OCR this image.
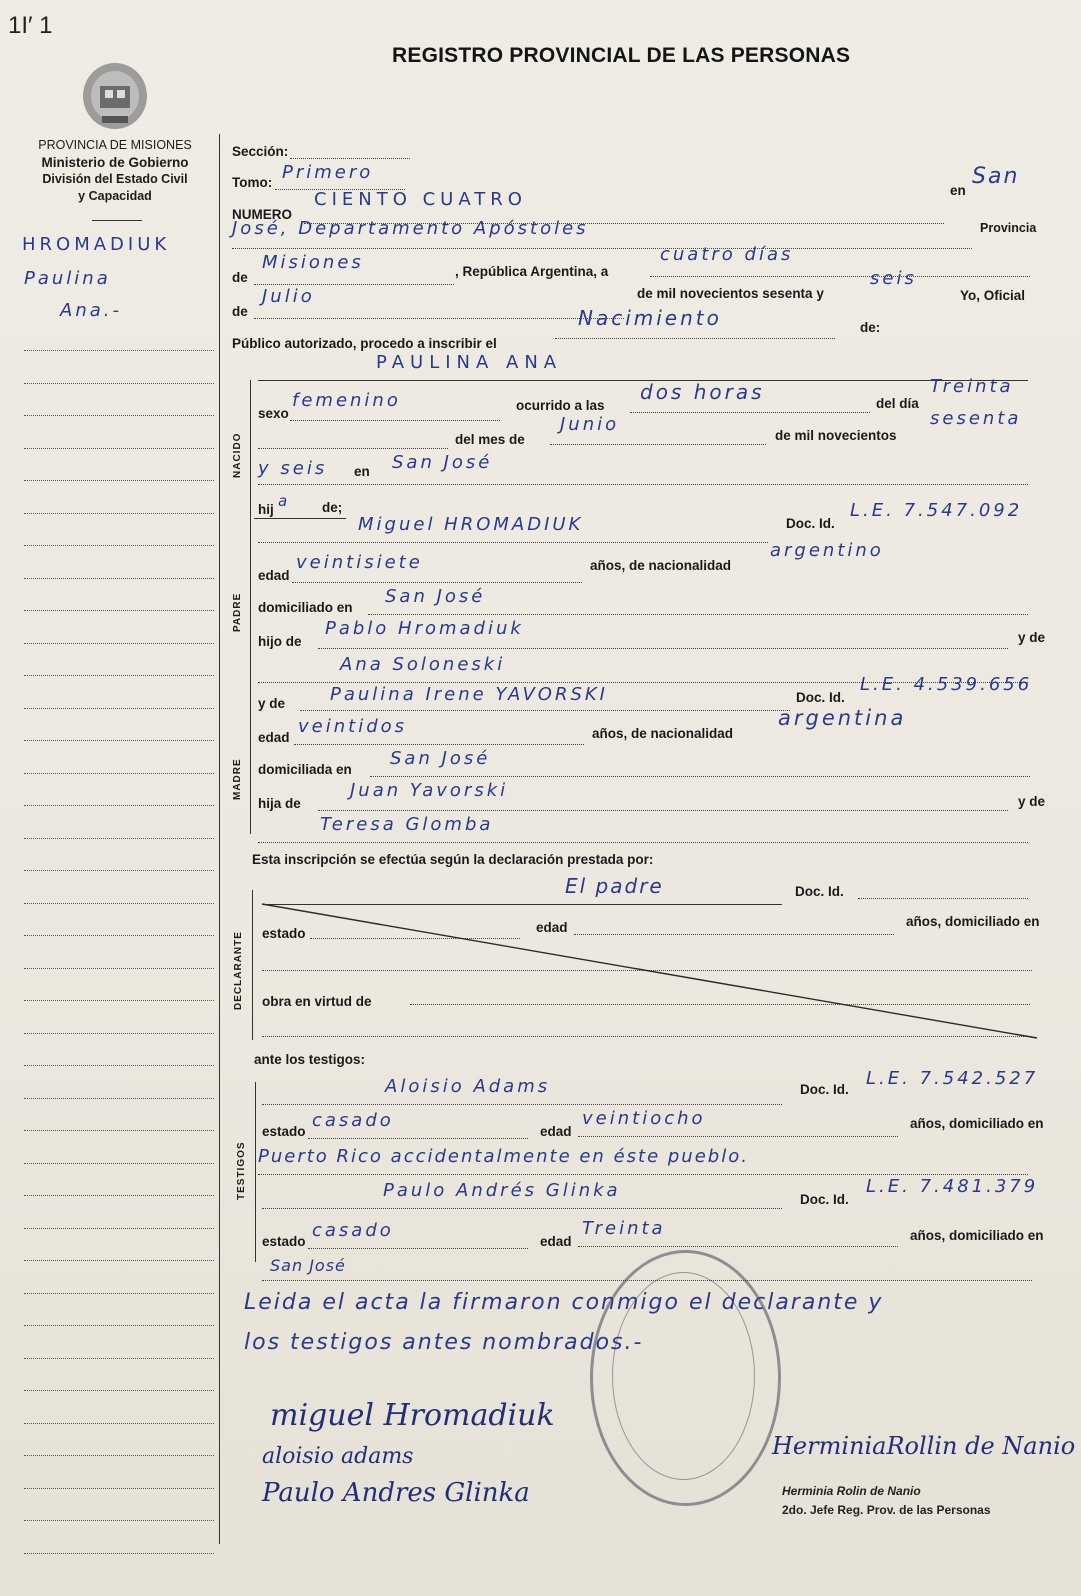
1I′ 1
REGISTRO PROVINCIAL DE LAS PERSONAS
PROVINCIA DE MISIONES
Ministerio de Gobierno
División del Estado Civil
y Capacidad
HROMADIUK
Paulina
Ana.-
Sección:
Tomo: Primero
en
San
NUMERO
CIENTO CUATRO
Provincia
José, Departamento Apóstoles
de
Misiones	, República Argentina, a
cuatro días
de
Julio	de mil novecientos sesenta y
seis
Yo, Oficial
Público autorizado, procedo a inscribir el
Nacimiento	de:
NACIDO
PADRE
MADRE
DECLARANTE
TESTIGOS
PAULINA ANA
sexo
femenino	ocurrido a las
dos horas	del día
Treinta
del mes de
Junio
de mil novecientos
sesenta
y seis en San José
hij a de;
Miguel HROMADIUK	Doc. Id.
L.E. 7.547.092
edad
veintisiete	años, de nacionalidad
argentino
domiciliado en
San José
hijo de
Pablo Hromadiuk	y de
Ana Soloneski
y de Paulina Irene YAVORSKI	Doc. Id.
L.E. 4.539.656
edad
veintidos	años, de nacionalidad
argentina
domiciliada en
San José
hija de
Juan Yavorski
y de
Teresa Glomba
Esta inscripción se efectúa según la declaración prestada por:
El padre	Doc. Id.
estado	edad	años, domiciliado en
obra en virtud de
ante los testigos:
Aloisio Adams	Doc. Id.
L.E. 7.542.527
estado
casado
edad
veintiocho	años, domiciliado en
Puerto Rico accidentalmente en éste pueblo.
Paulo Andrés Glinka	Doc. Id.
L.E. 7.481.379
estado
casado
edad
Treinta	años, domiciliado en
San José
Leida el acta la firmaron conmigo el declarante y
los testigos antes nombrados.-
miguel Hromadiuk
aloisio adams
Paulo Andres Glinka
HerminiaRollin de Nanio
Herminia Rolin de Nanio
2do. Jefe Reg. Prov. de las Personas
